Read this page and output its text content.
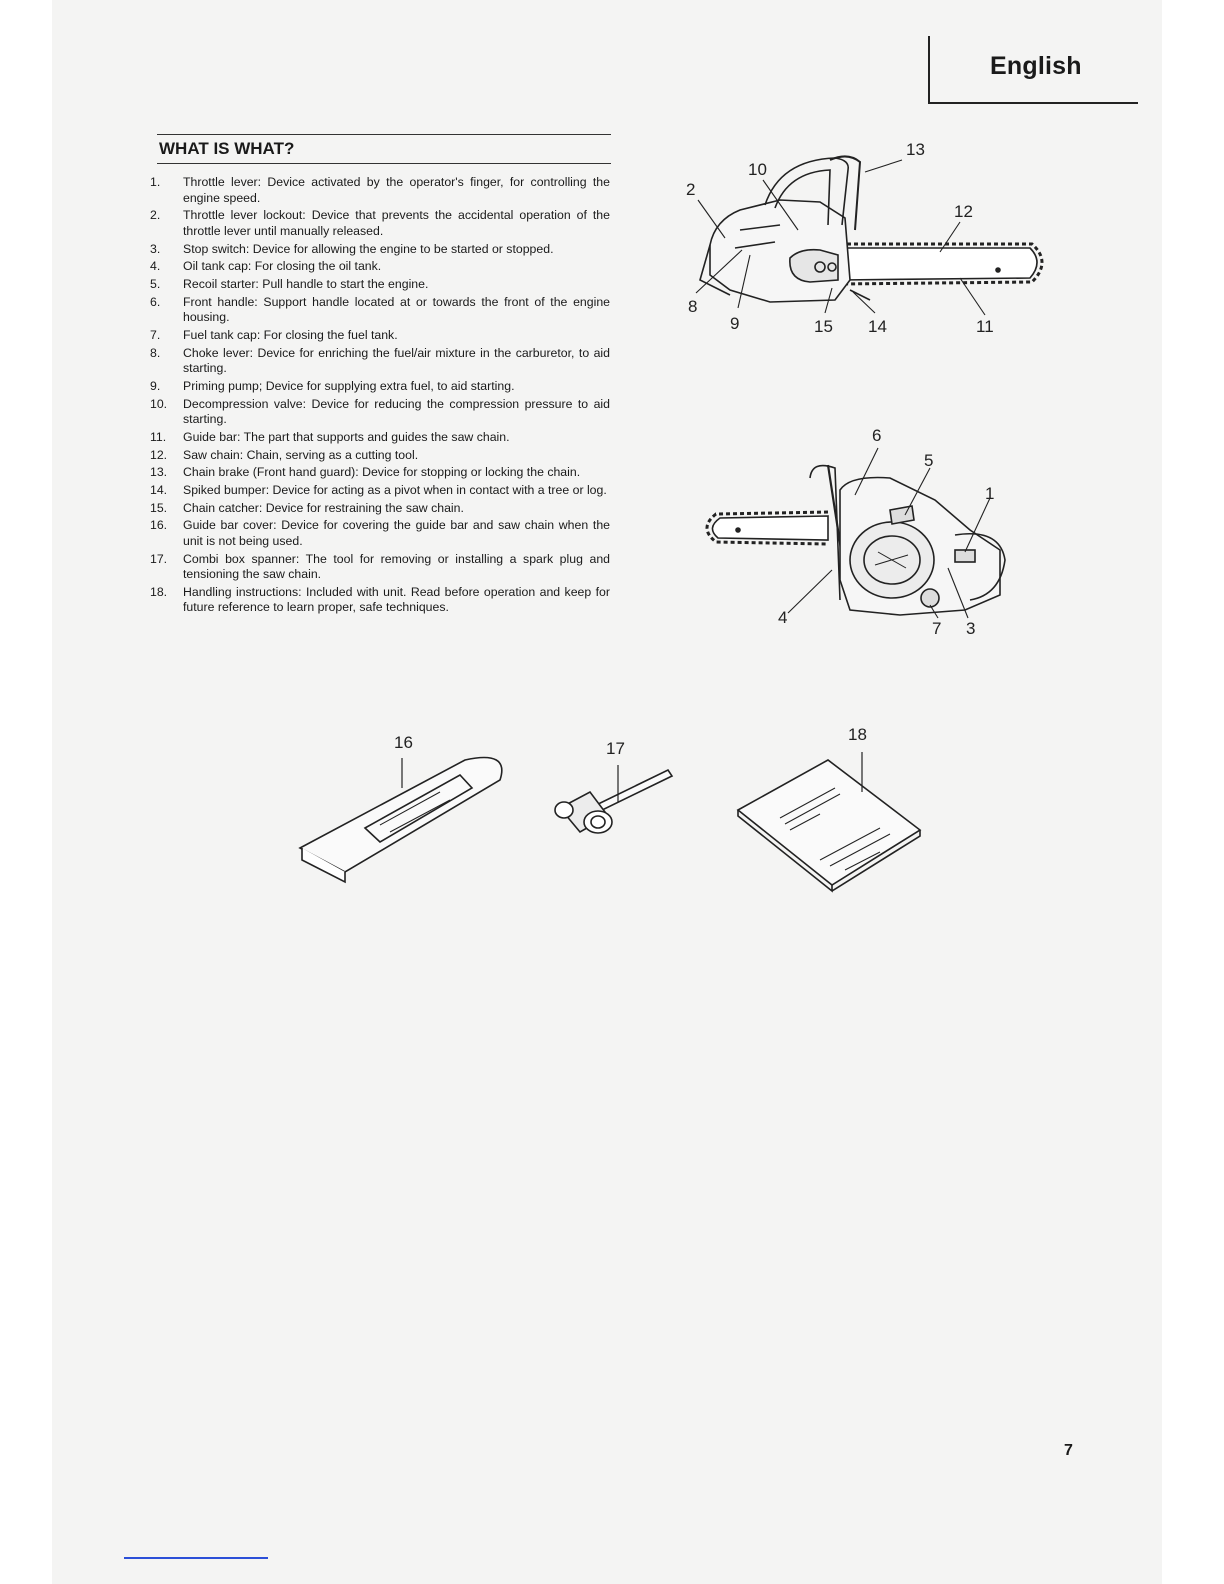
English
WHAT IS WHAT?
1.	Throttle lever: Device activated by the operator's finger, for controlling the engine speed.
2.	Throttle lever lockout: Device that prevents the accidental operation of the throttle lever until manually released.
3.	Stop switch: Device for allowing the engine to be started or stopped.
4.	Oil tank cap: For closing the oil tank.
5.	Recoil starter: Pull handle to start the engine.
6.	Front handle: Support handle located at or towards the front of the engine housing.
7.	Fuel tank cap: For closing the fuel tank.
8.	Choke lever: Device for enriching the fuel/air mixture in the carburetor, to aid starting.
9.	Priming pump; Device for supplying extra fuel, to aid starting.
10.	Decompression valve: Device for reducing the compression pressure to aid starting.
11.	Guide bar: The part that supports and guides the saw chain.
12.	Saw chain: Chain, serving as a cutting tool.
13.	Chain brake (Front hand guard): Device for stopping or locking the chain.
14.	Spiked bumper: Device for acting as a pivot when in contact with a tree or log.
15.	Chain catcher: Device for restraining the saw chain.
16.	Guide bar cover: Device for covering the guide bar and saw chain when the unit is not being used.
17.	Combi box spanner: The tool for removing or installing a spark plug and tensioning the saw chain.
18.	Handling instructions: Included with unit. Read before operation and keep for future reference to learn proper, safe techniques.
13
10
2
12
8
9	15 14	11
6
5
1
4
7 3
16	17
18
7
